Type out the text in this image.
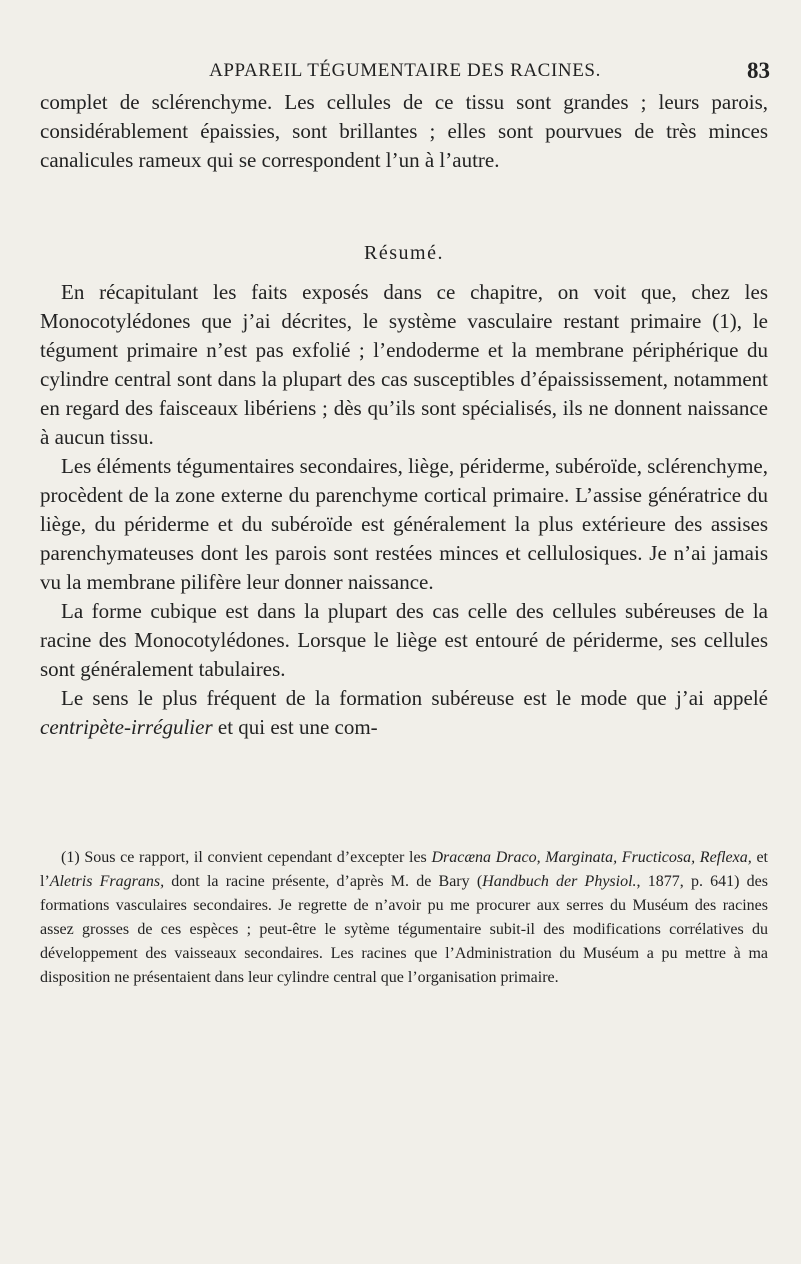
APPAREIL TÉGUMENTAIRE DES RACINES.	83

complet de sclérenchyme. Les cellules de ce tissu sont grandes ; leurs parois, considérablement épaissies, sont brillantes ; elles sont pourvues de très minces canalicules rameux qui se correspondent l’un à l’autre.

Résumé.

En récapitulant les faits exposés dans ce chapitre, on voit que, chez les Monocotylédones que j’ai décrites, le système vasculaire restant primaire (1), le tégument primaire n’est pas exfolié ; l’endoderme et la membrane périphérique du cylindre central sont dans la plupart des cas susceptibles d’épaississement, notamment en regard des faisceaux libériens ; dès qu’ils sont spécialisés, ils ne donnent naissance à aucun tissu.

Les éléments tégumentaires secondaires, liège, périderme, subéroïde, sclérenchyme, procèdent de la zone externe du parenchyme cortical primaire. L’assise génératrice du liège, du périderme et du subéroïde est généralement la plus extérieure des assises parenchymateuses dont les parois sont restées minces et cellulosiques. Je n’ai jamais vu la membrane pilifère leur donner naissance.

La forme cubique est dans la plupart des cas celle des cellules subéreuses de la racine des Monocotylédones. Lorsque le liège est entouré de périderme, ses cellules sont généralement tabulaires.

Le sens le plus fréquent de la formation subéreuse est le mode que j’ai appelé centripète-irrégulier et qui est une com-

(1) Sous ce rapport, il convient cependant d’excepter les Dracæna Draco, Marginata, Fructicosa, Reflexa, et l’Aletris Fragrans, dont la racine présente, d’après M. de Bary (Handbuch der Physiol., 1877, p. 641) des formations vasculaires secondaires. Je regrette de n’avoir pu me procurer aux serres du Muséum des racines assez grosses de ces espèces ; peut-être le sytème tégumentaire subit-il des modifications corrélatives du développement des vaisseaux secondaires. Les racines que l’Administration du Muséum a pu mettre à ma disposition ne présentaient dans leur cylindre central que l’organisation primaire.
